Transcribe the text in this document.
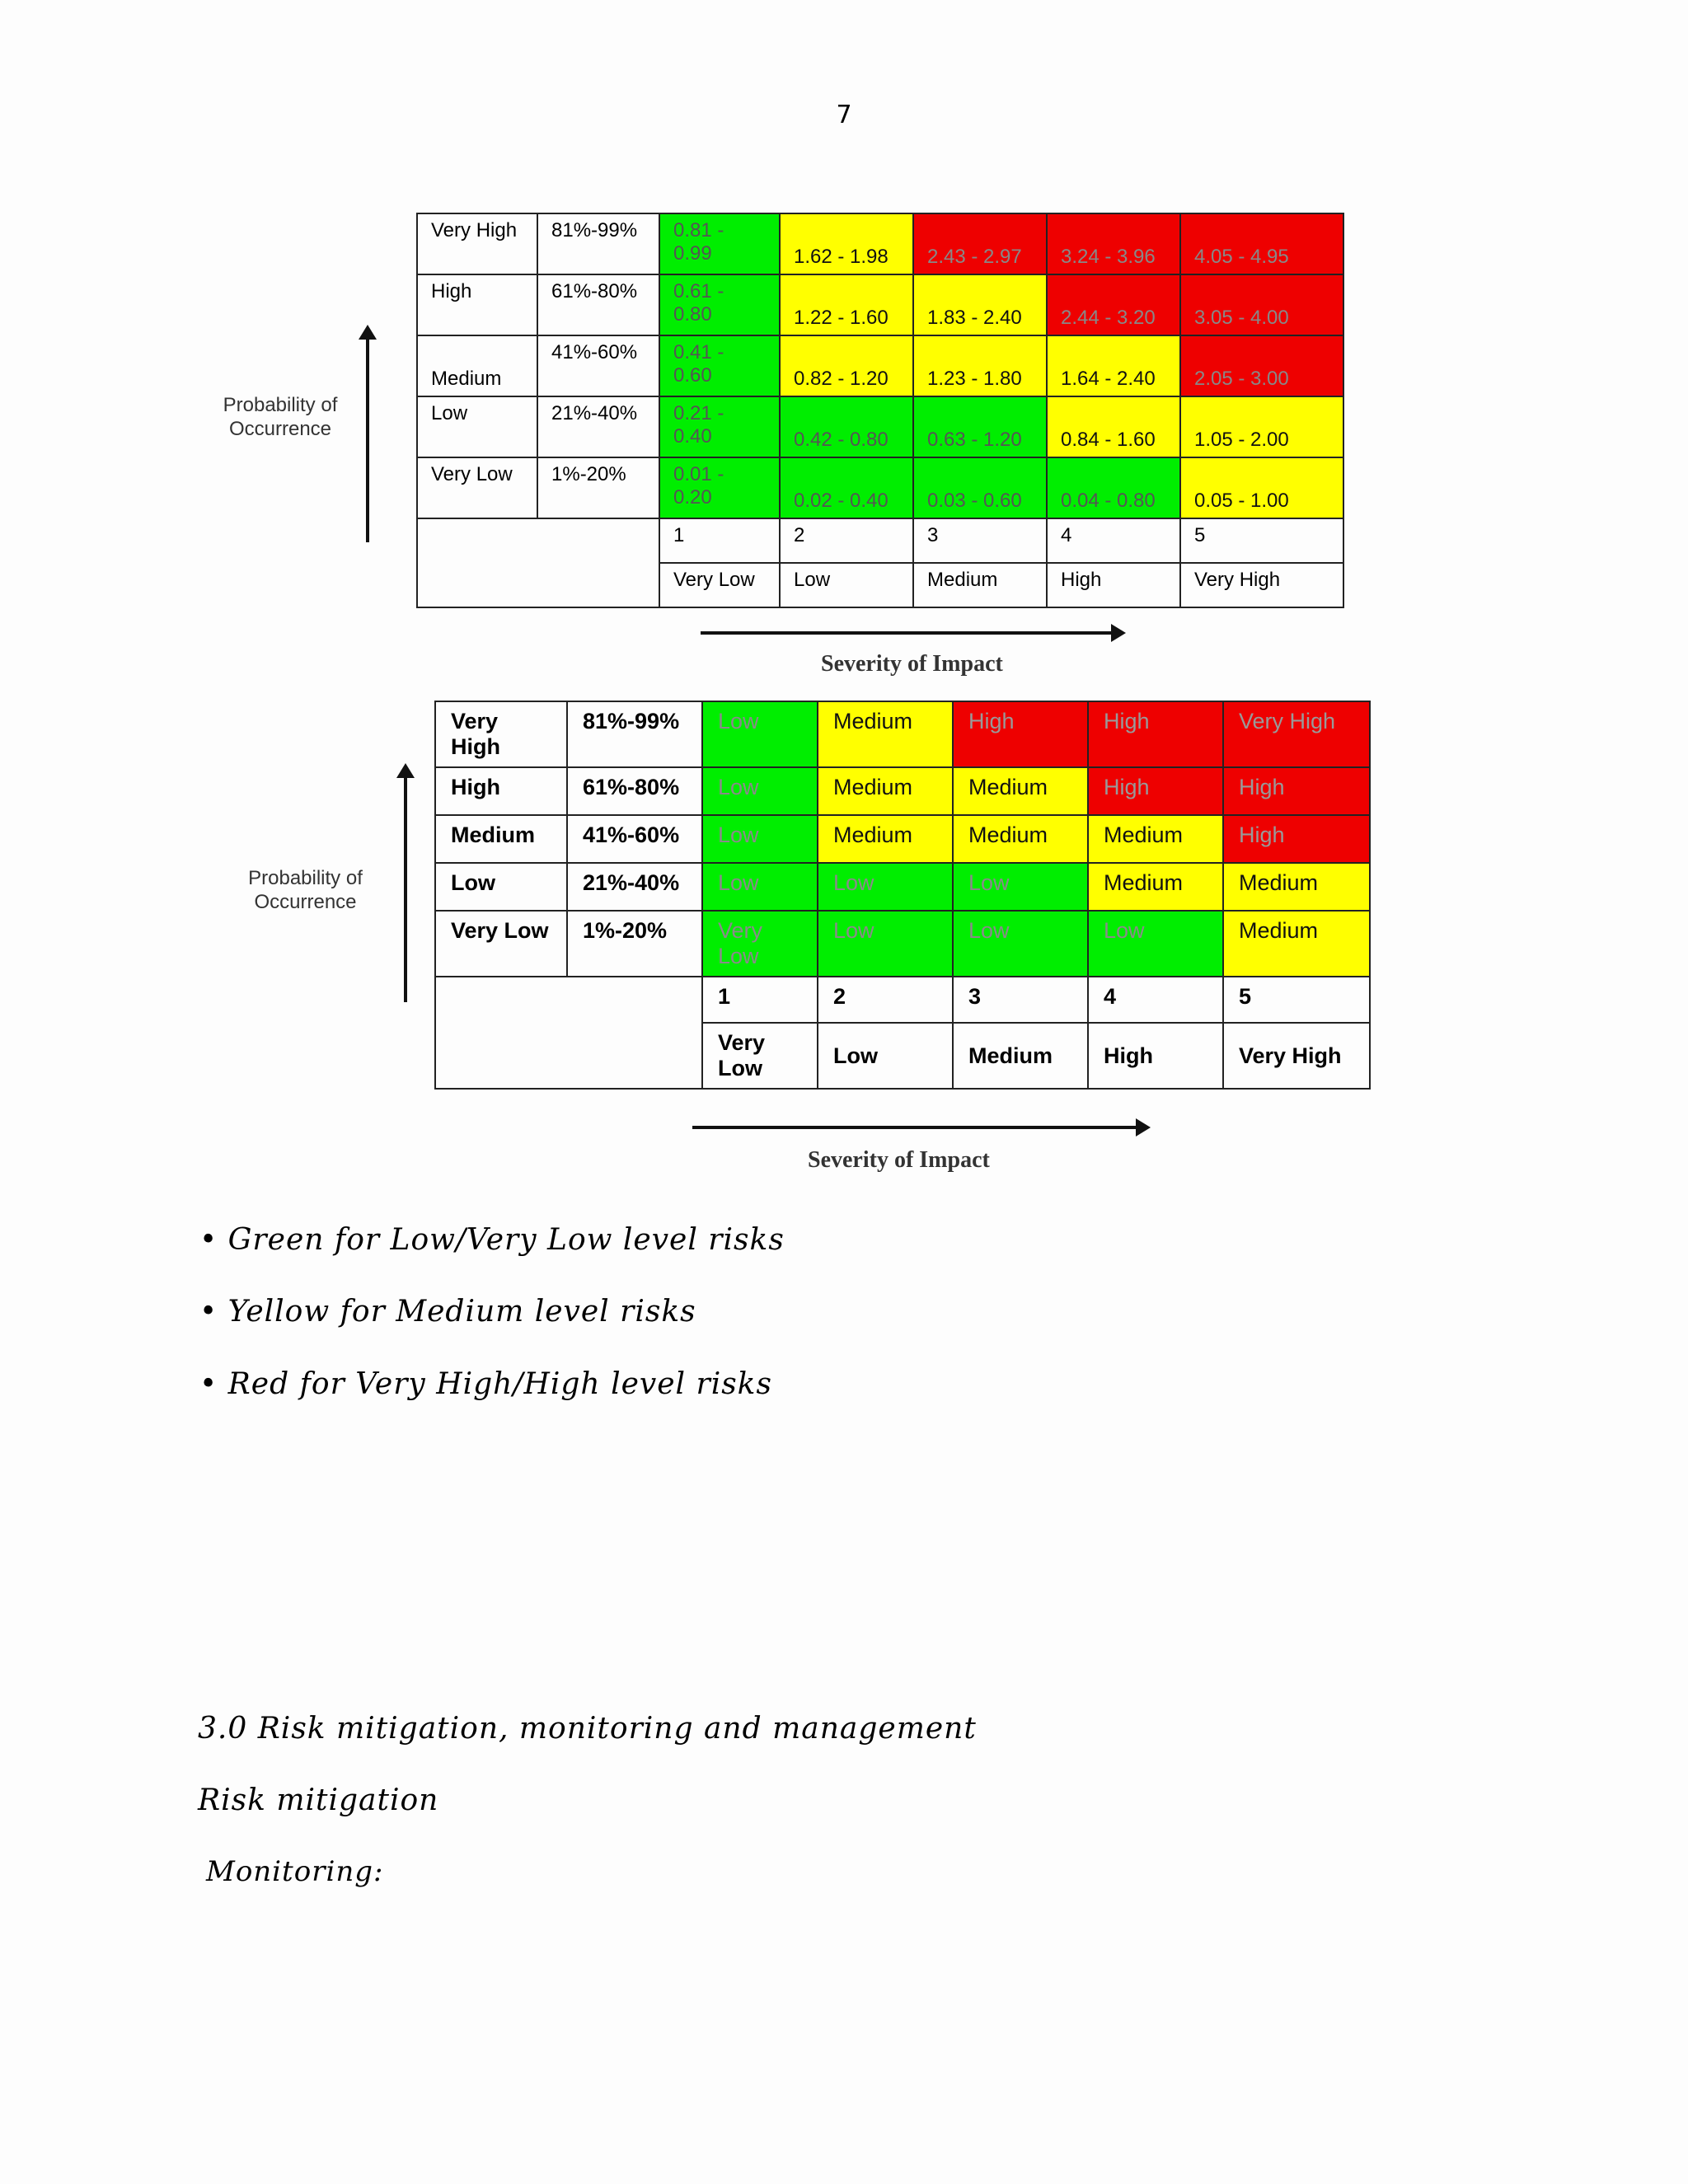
7
Very High	81%-99%	0.81 - 0.99	1.62 - 1.98	2.43 - 2.97	3.24 - 3.96	4.05 - 4.95
High	61%-80%	0.61 - 0.80	1.22 - 1.60	1.83 - 2.40	2.44 - 3.20	3.05 - 4.00
Medium	41%-60%	0.41 - 0.60	0.82 - 1.20	1.23 - 1.80	1.64 - 2.40	2.05 - 3.00
Low	21%-40%	0.21 - 0.40	0.42 - 0.80	0.63 - 1.20	0.84 - 1.60	1.05 - 2.00
Very Low	1%-20%	0.01 - 0.20	0.02 - 0.40	0.03 - 0.60	0.04 - 0.80	0.05 - 1.00
		1	2	3	4	5
		Very Low	Low	Medium	High	Very High
Probability of Occurrence
Severity of Impact
Very High	81%-99%	Low	Medium	High	High	Very High
High	61%-80%	Low	Medium	Medium	High	High
Medium	41%-60%	Low	Medium	Medium	Medium	High
Low	21%-40%	Low	Low	Low	Medium	Medium
Very Low	1%-20%	Very Low	Low	Low	Low	Medium
		1	2	3	4	5
		Very Low	Low	Medium	High	Very High
Probability of Occurrence
Severity of Impact
• Green for Low/Very Low level risks
• Yellow for Medium level risks
• Red for Very High/High level risks
3.0 Risk mitigation, monitoring and management
Risk mitigation
Monitoring:
